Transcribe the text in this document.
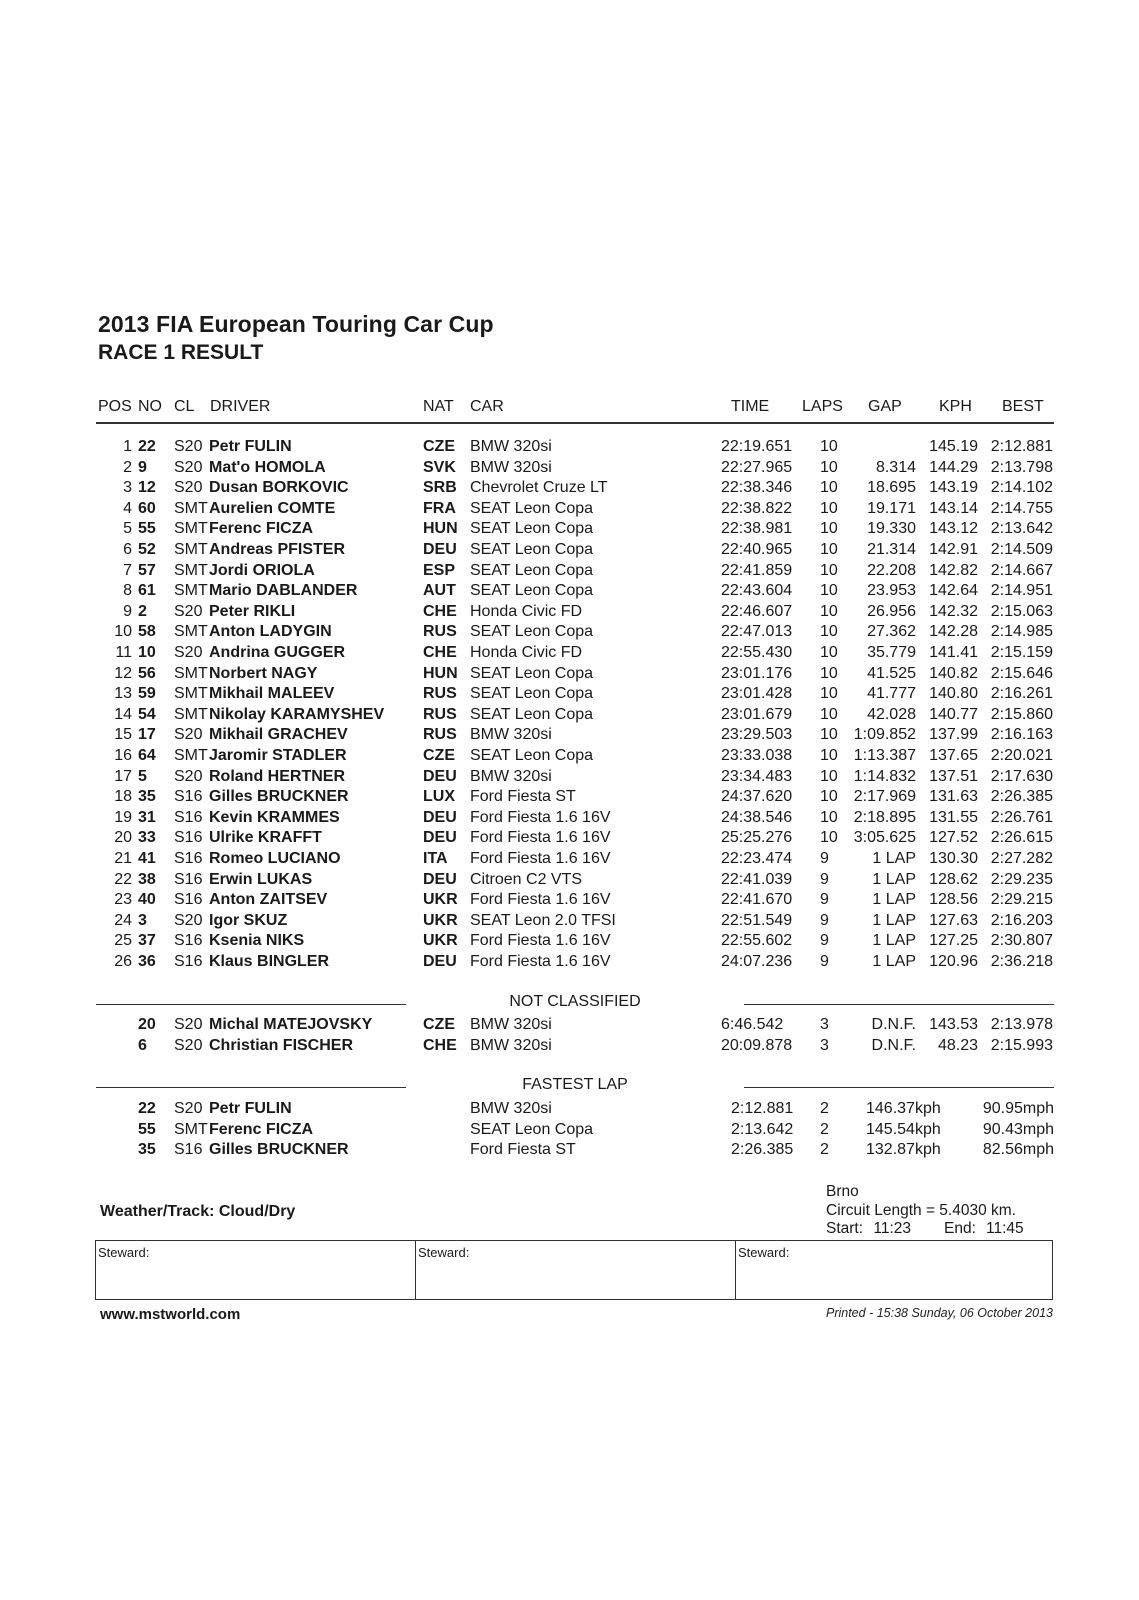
2013 FIA European Touring Car Cup
RACE 1 RESULT
POS NO CL DRIVER	NAT CAR	TIME LAPS GAP KPH BEST
1 22 S20 Petr FULIN	CZE BMW 320si	22:19.651 10	145.19 2:12.881
2 9 S20 Mat'o HOMOLA	SVK BMW 320si	22:27.965 10	8.314 144.29 2:13.798
3 12 S20 Dusan BORKOVIC	SRB Chevrolet Cruze LT	22:38.346 10	18.695 143.19 2:14.102
4 60 SMT Aurelien COMTE	FRA SEAT Leon Copa	22:38.822 10	19.171 143.14 2:14.755
5 55 SMT Ferenc FICZA	HUN SEAT Leon Copa	22:38.981 10	19.330 143.12 2:13.642
6 52 SMT Andreas PFISTER	DEU SEAT Leon Copa	22:40.965 10	21.314 142.91 2:14.509
7 57 SMT Jordi ORIOLA	ESP SEAT Leon Copa	22:41.859 10	22.208 142.82 2:14.667
8 61 SMT Mario DABLANDER	AUT SEAT Leon Copa	22:43.604 10	23.953 142.64 2:14.951
9 2 S20 Peter RIKLI	CHE Honda Civic FD	22:46.607 10	26.956 142.32 2:15.063
10 58 SMT Anton LADYGIN	RUS SEAT Leon Copa	22:47.013 10	27.362 142.28 2:14.985
11 10 S20 Andrina GUGGER	CHE Honda Civic FD	22:55.430 10	35.779 141.41 2:15.159
12 56 SMT Norbert NAGY	HUN SEAT Leon Copa	23:01.176 10	41.525 140.82 2:15.646
13 59 SMT Mikhail MALEEV	RUS SEAT Leon Copa	23:01.428 10	41.777 140.80 2:16.261
14 54 SMT Nikolay KARAMYSHEV RUS SEAT Leon Copa	23:01.679 10	42.028 140.77 2:15.860
15 17 S20 Mikhail GRACHEV	RUS BMW 320si	23:29.503 10 1:09.852 137.99 2:16.163
16 64 SMT Jaromir STADLER	CZE SEAT Leon Copa	23:33.038 10 1:13.387 137.65 2:20.021
17 5 S20 Roland HERTNER	DEU BMW 320si	23:34.483 10 1:14.832 137.51 2:17.630
18 35 S16 Gilles BRUCKNER	LUX Ford Fiesta ST	24:37.620 10 2:17.969 131.63 2:26.385
19 31 S16 Kevin KRAMMES	DEU Ford Fiesta 1.6 16V	24:38.546 10 2:18.895 131.55 2:26.761
20 33 S16 Ulrike KRAFFT	DEU Ford Fiesta 1.6 16V	25:25.276 10 3:05.625 127.52 2:26.615
21 41 S16 Romeo LUCIANO	ITA Ford Fiesta 1.6 16V	22:23.474 9	1 LAP 130.30 2:27.282
22 38 S16 Erwin LUKAS	DEU Citroen C2 VTS	22:41.039 9	1 LAP 128.62 2:29.235
23 40 S16 Anton ZAITSEV	UKR Ford Fiesta 1.6 16V	22:41.670 9	1 LAP 128.56 2:29.215
24 3 S20 Igor SKUZ	UKR SEAT Leon 2.0 TFSI	22:51.549 9	1 LAP 127.63 2:16.203
25 37 S16 Ksenia NIKS	UKR Ford Fiesta 1.6 16V	22:55.602 9	1 LAP 127.25 2:30.807
26 36 S16 Klaus BINGLER	DEU Ford Fiesta 1.6 16V	24:07.236 9	1 LAP 120.96 2:36.218
NOT CLASSIFIED
20 S20 Michal MATEJOVSKY	CZE BMW 320si	6:46.542 3	D.N.F. 143.53 2:13.978
6 S20 Christian FISCHER	CHE BMW 320si	20:09.878 3	D.N.F.	48.23 2:15.993
FASTEST LAP
22 S20 Petr FULIN	BMW 320si	2:12.881 2 146.37kph	90.95mph
55 SMT Ferenc FICZA	SEAT Leon Copa	2:13.642 2 145.54kph	90.43mph
35 S16 Gilles BRUCKNER	Ford Fiesta ST	2:26.385 2 132.87kph	82.56mph
Weather/Track: Cloud/Dry
Brno
Circuit Length = 5.4030 km.
Start: 11:23 End: 11:45
Steward:	Steward:	Steward:
www.mstworld.com	Printed - 15:38 Sunday, 06 October 2013
